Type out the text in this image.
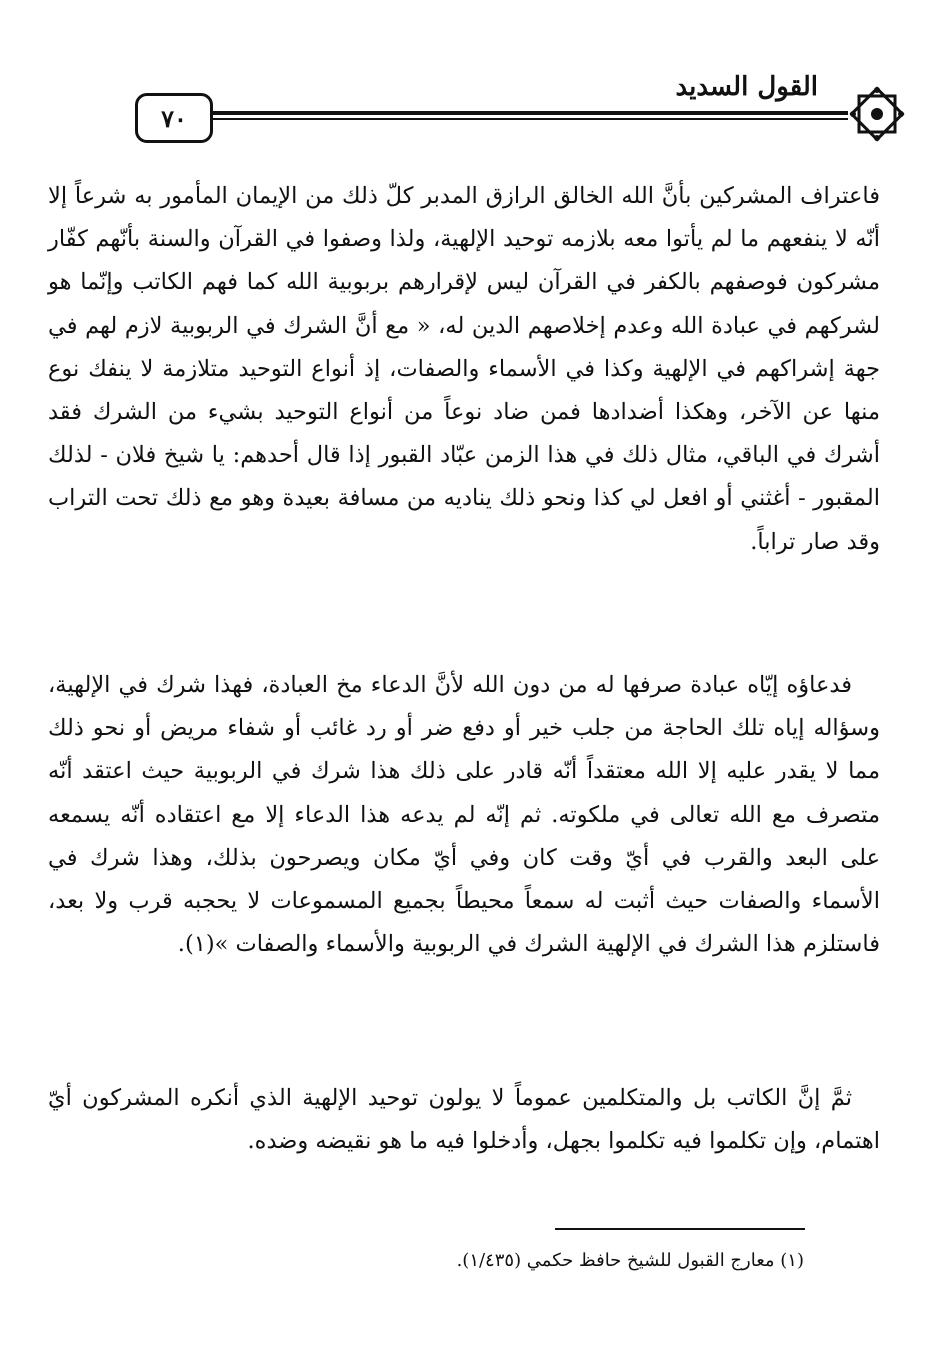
القول السديد
٧٠
فاعتراف المشركين بأنَّ الله الخالق الرازق المدبر كلّ ذلك من الإيمان المأمور به شرعاً إلا أنّه لا ينفعهم ما لم يأتوا معه بلازمه توحيد الإلهية، ولذا وصفوا في القرآن والسنة بأنّهم كفّار مشركون فوصفهم بالكفر في القرآن ليس لإقرارهم بربوبية الله كما فهم الكاتب وإنّما هو لشركهم في عبادة الله وعدم إخلاصهم الدين له، « مع أنَّ الشرك في الربوبية لازم لهم في جهة إشراكهم في الإلهية وكذا في الأسماء والصفات، إذ أنواع التوحيد متلازمة لا ينفك نوع منها عن الآخر، وهكذا أضدادها فمن ضاد نوعاً من أنواع التوحيد بشيء من الشرك فقد أشرك في الباقي، مثال ذلك في هذا الزمن عبّاد القبور إذا قال أحدهم: يا شيخ فلان - لذلك المقبور - أغثني أو افعل لي كذا ونحو ذلك يناديه من مسافة بعيدة وهو مع ذلك تحت التراب وقد صار تراباً.
فدعاؤه إيّاه عبادة صرفها له من دون الله لأنَّ الدعاء مخ العبادة، فهذا شرك في الإلهية، وسؤاله إياه تلك الحاجة من جلب خير أو دفع ضر أو رد غائب أو شفاء مريض أو نحو ذلك مما لا يقدر عليه إلا الله معتقداً أنّه قادر على ذلك هذا شرك في الربوبية حيث اعتقد أنّه متصرف مع الله تعالى في ملكوته. ثم إنّه لم يدعه هذا الدعاء إلا مع اعتقاده أنّه يسمعه على البعد والقرب في أيّ وقت كان وفي أيّ مكان ويصرحون بذلك، وهذا شرك في الأسماء والصفات حيث أثبت له سمعاً محيطاً بجميع المسموعات لا يحجبه قرب ولا بعد، فاستلزم هذا الشرك في الإلهية الشرك في الربوبية والأسماء والصفات »(١).
ثمَّ إنَّ الكاتب بل والمتكلمين عموماً لا يولون توحيد الإلهية الذي أنكره المشركون أيّ اهتمام، وإن تكلموا فيه تكلموا بجهل، وأدخلوا فيه ما هو نقيضه وضده.
(١) معارج القبول للشيخ حافظ حكمي (١/٤٣٥).
